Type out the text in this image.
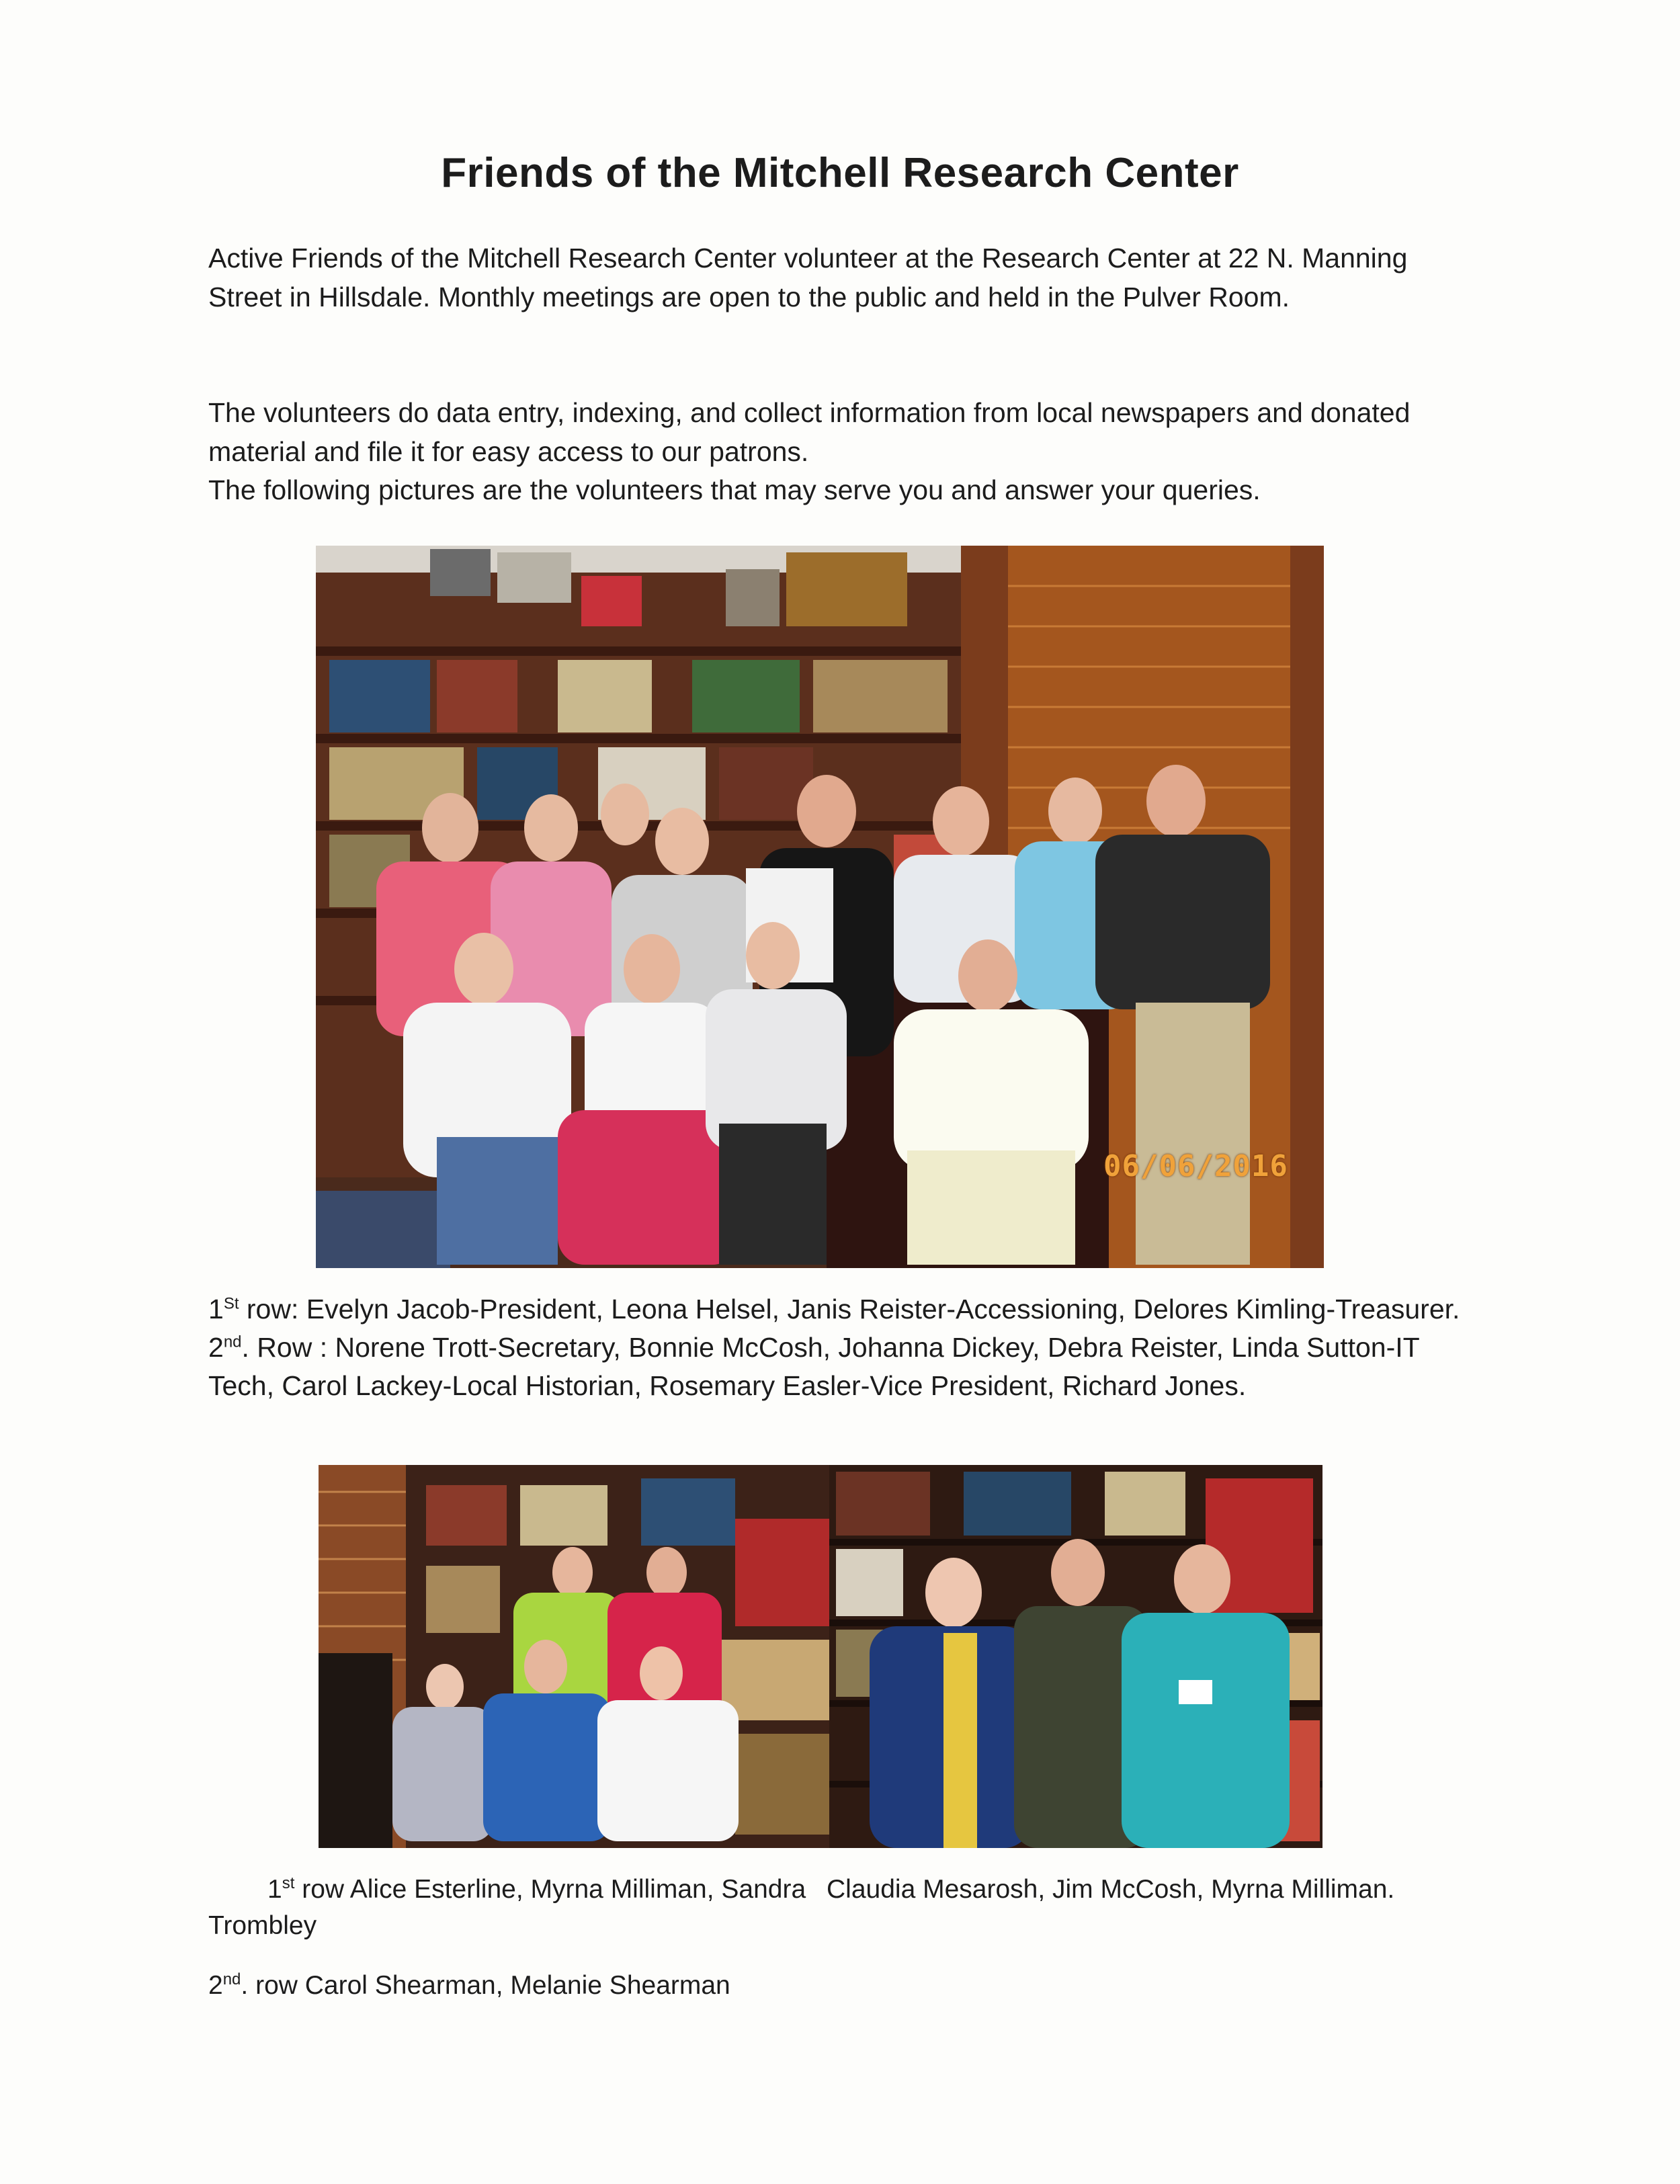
Friends of the Mitchell Research Center
Active Friends of the Mitchell Research Center volunteer at the Research Center at 22 N. Manning Street in Hillsdale. Monthly meetings are open to the public and held in the Pulver Room.
The volunteers do data entry, indexing, and collect information from local newspapers and donated material and file it for easy access to our patrons.
The following pictures are the volunteers that may serve you and answer your queries.
06/06/2016
1St row: Evelyn Jacob-President, Leona Helsel, Janis Reister-Accessioning, Delores Kimling-Treasurer. 2nd. Row : Norene Trott-Secretary, Bonnie McCosh, Johanna Dickey, Debra Reister, Linda Sutton-IT Tech, Carol Lackey-Local Historian, Rosemary Easler-Vice President, Richard Jones.
1st row Alice Esterline, Myrna Milliman, Sandra Trombley
Claudia Mesarosh, Jim McCosh, Myrna Milliman.
2nd. row Carol Shearman, Melanie Shearman
